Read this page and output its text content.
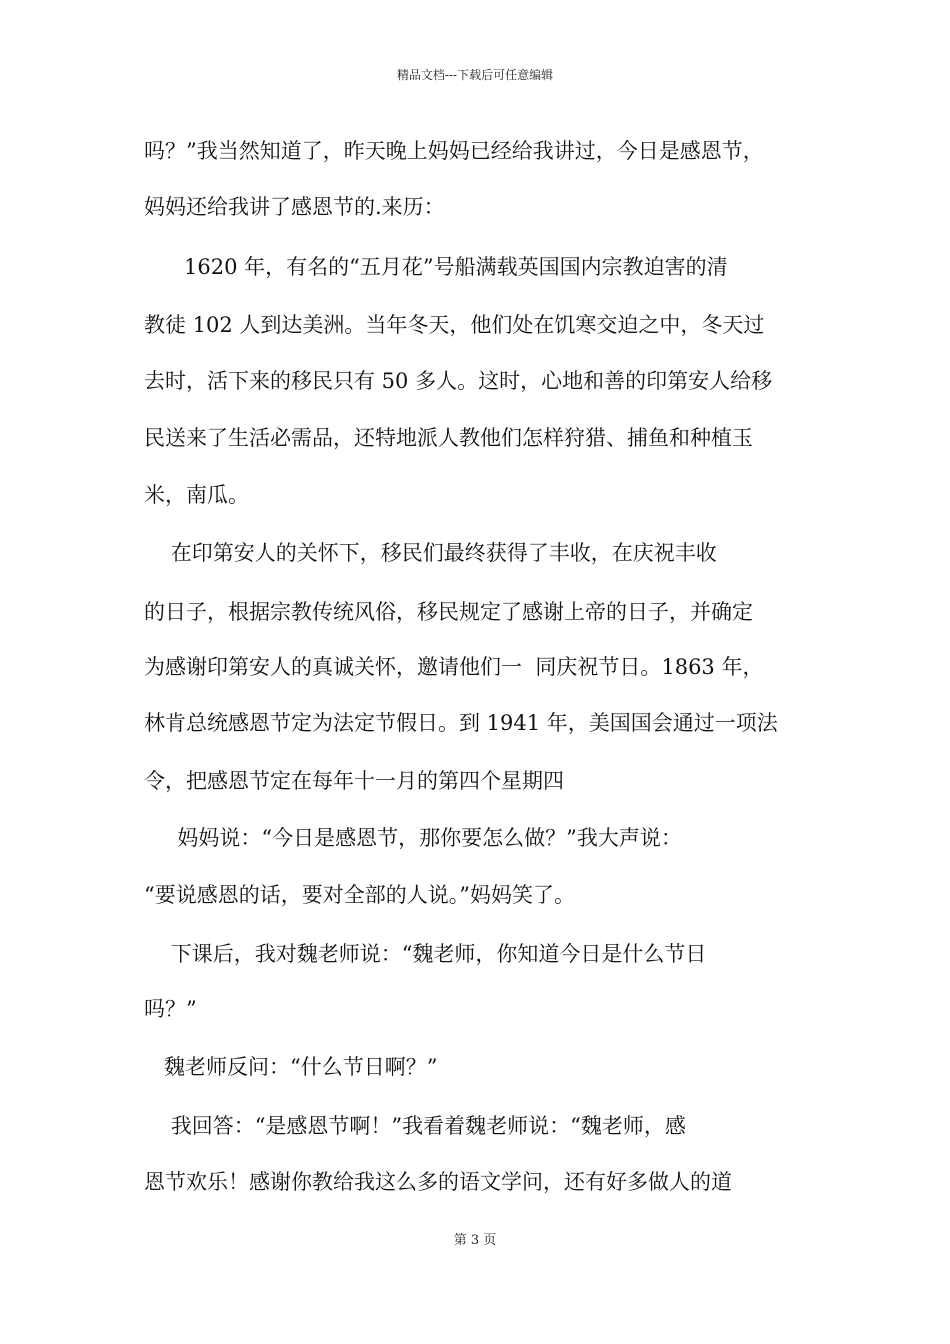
精品文档---下载后可任意编辑
吗？”我当然知道了，昨天晚上妈妈已经给我讲过，今日是感恩节，
妈妈还给我讲了感恩节的.来历：
1620 年，有名的“五月花”号船满载英国国内宗教迫害的清
教徒 102 人到达美洲。当年冬天，他们处在饥寒交迫之中，冬天过
去时，活下来的移民只有 50 多人。这时，心地和善的印第安人给移
民送来了生活必需品，还特地派人教他们怎样狩猎、捕鱼和种植玉
米，南瓜。
在印第安人的关怀下，移民们最终获得了丰收，在庆祝丰收
的日子，根据宗教传统风俗，移民规定了感谢上帝的日子，并确定
为感谢印第安人的真诚关怀，邀请他们一  同庆祝节日。1863 年，
林肯总统感恩节定为法定节假日。到 1941 年，美国国会通过一项法
令，把感恩节定在每年十一月的第四个星期四
妈妈说：“今日是感恩节，那你要怎么做？”我大声说：
“要说感恩的话，要对全部的人说。”妈妈笑了。
下课后，我对魏老师说：“魏老师，你知道今日是什么节日
吗？”
魏老师反问：“什么节日啊？”
我回答：“是感恩节啊！”我看着魏老师说：“魏老师，感
恩节欢乐！感谢你教给我这么多的语文学问，还有好多做人的道
第 3 页
